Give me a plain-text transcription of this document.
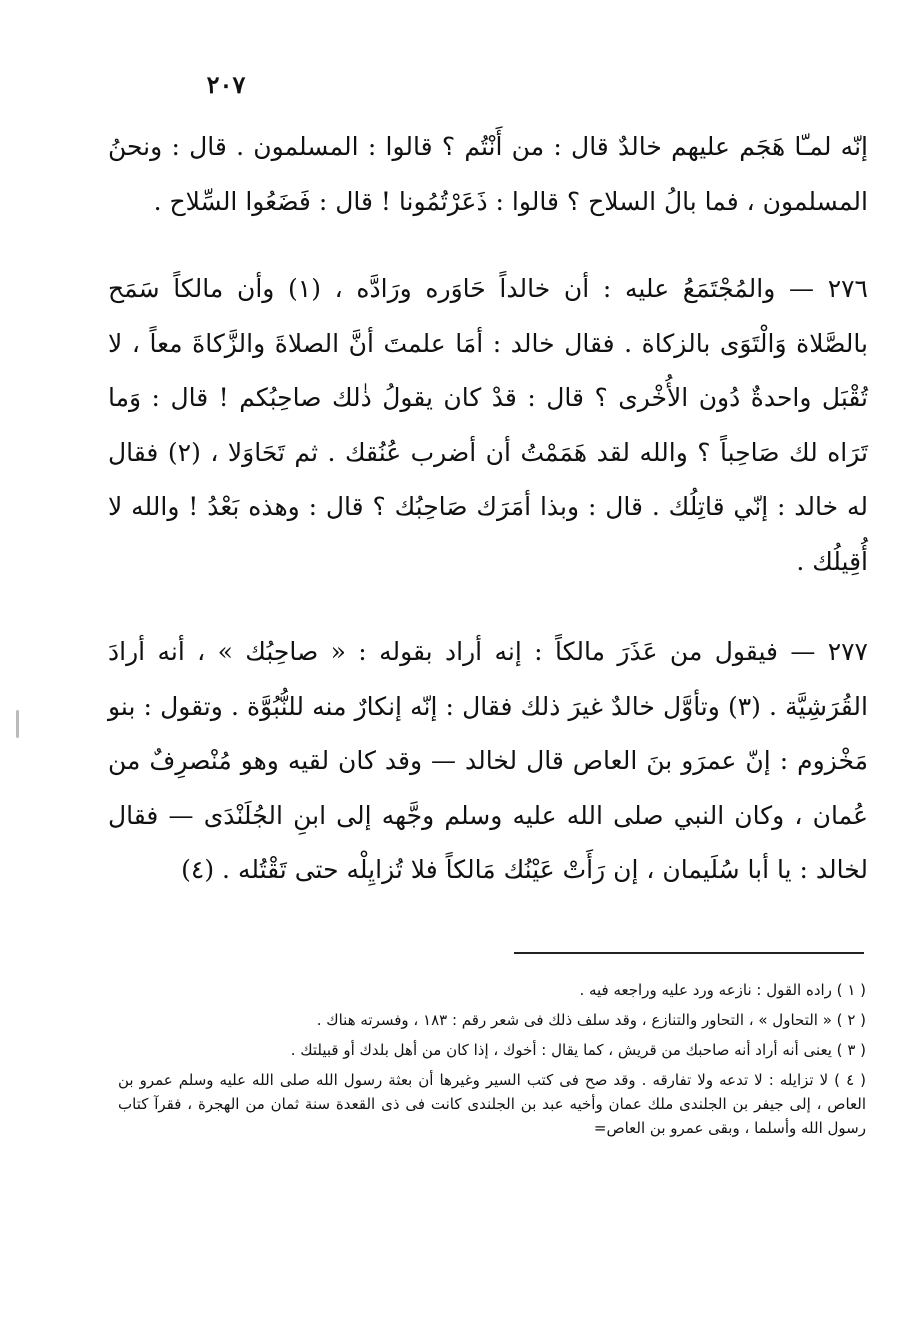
٢٠٧

إنّه لمـّا هَجَم عليهم خالدٌ قال : من أَنْتُم ؟ قالوا : المسلمون . قال : ونحنُ المسلمون ، فما بالُ السلاح ؟ قالوا : ذَعَرْتُمُونا ! قال : فَضَعُوا السِّلاح .

٢٧٦ — والمُجْتَمَعُ عليه : أن خالداً حَاوَره ورَادَّه ، (١) وأن مالكاً سَمَح بالصَّلاة وَالْتَوَى بالزكاة . فقال خالد : أمَا علمتَ أنَّ الصلاةَ والزَّكاةَ معاً ، لا تُقْبَل واحدةٌ دُون الأُخْرى ؟ قال : قدْ كان يقولُ ذٰلك صاحِبُكم ! قال : وَما تَرَاه لك صَاحِباً ؟ والله لقد هَمَمْتُ أن أضرب عُنُقك . ثم تَحَاوَلا ، (٢) فقال له خالد : إنّي قاتِلُك . قال : وبذا أمَرَك صَاحِبُك ؟ قال : وهذه بَعْدُ ! والله لا أُقِيلُك .

٢٧٧ — فيقول من عَذَرَ مالكاً : إنه أراد بقوله : « صاحِبُك » ، أنه أرادَ القُرَشِيَّة . (٣) وتأوَّل خالدٌ غيرَ ذلك فقال : إنّه إنكارٌ منه للنُّبُوَّة . وتقول : بنو مَخْزوم : إنّ عمرَو بنَ العاص قال لخالد — وقد كان لقيه وهو مُنْصرِفٌ من عُمان ، وكان النبي صلى الله عليه وسلم وجَّهه إلى ابنِ الجُلَنْدَى — فقال لخالد : يا أبا سُلَيمان ، إن رَأَتْ عَيْنُك مَالكاً فلا تُزايِلْه حتى تَقْتُله . (٤)

( ١ ) راده القول : نازعه ورد عليه وراجعه فيه .

( ٢ ) « التحاول » ، التحاور والتنازع ، وقد سلف ذلك فى شعر رقم : ١٨٣ ، وفسرته هناك .

( ٣ ) يعنى أنه أراد أنه صاحبك من قريش ، كما يقال : أخوك ، إذا كان من أهل بلدك أو قبيلتك .

( ٤ ) لا تزايله : لا تدعه ولا تفارقه . وقد صح فى كتب السير وغيرها أن بعثة رسول الله صلى الله عليه وسلم عمرو بن العاص ، إلى جيفر بن الجلندى ملك عمان وأخيه عبد بن الجلندى كانت فى ذى القعدة سنة ثمان من الهجرة ، فقرآ كتاب رسول الله وأسلما ، وبقى عمرو بن العاص=
